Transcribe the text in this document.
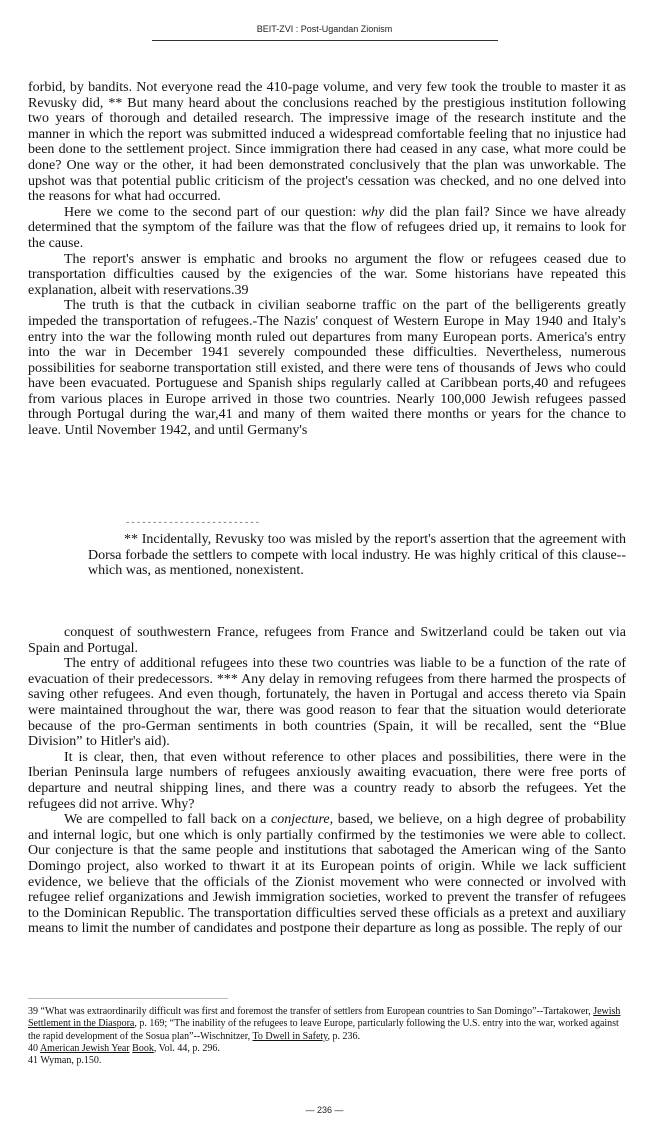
BEIT-ZVI : Post-Ugandan Zionism

forbid, by bandits. Not everyone read the 410-page volume, and very few took the trouble to master it as Revusky did, ** But many heard about the conclusions reached by the prestigious institution following two years of thorough and detailed research. The impressive image of the research institute and the manner in which the report was submitted induced a widespread comfortable feeling that no injustice had been done to the settlement project. Since immigration there had ceased in any case, what more could be done? One way or the other, it had been demonstrated conclusively that the plan was unworkable. The upshot was that potential public criticism of the project's cessation was checked, and no one delved into the reasons for what had occurred.

Here we come to the second part of our question: why did the plan fail? Since we have already determined that the symptom of the failure was that the flow of refugees dried up, it remains to look for the cause.

The report's answer is emphatic and brooks no argument the flow or refugees ceased due to transportation difficulties caused by the exigencies of the war. Some historians have repeated this explanation, albeit with reservations.39

The truth is that the cutback in civilian seaborne traffic on the part of the belligerents greatly impeded the transportation of refugees.-The Nazis' conquest of Western Europe in May 1940 and Italy's entry into the war the following month ruled out departures from many European ports. America's entry into the war in December 1941 severely compounded these difficulties. Nevertheless, numerous possibilities for seaborne transportation still existed, and there were tens of thousands of Jews who could have been evacuated. Portuguese and Spanish ships regularly called at Caribbean ports,40 and refugees from various places in Europe arrived in those two countries. Nearly 100,000 Jewish refugees passed through Portugal during the war,41 and many of them waited there months or years for the chance to leave. Until November 1942, and until Germany's

-------------------------

** Incidentally, Revusky too was misled by the report's assertion that the agreement with Dorsa forbade the settlers to compete with local industry. He was highly critical of this clause--which was, as mentioned, nonexistent.

conquest of southwestern France, refugees from France and Switzerland could be taken out via Spain and Portugal.

The entry of additional refugees into these two countries was liable to be a function of the rate of evacuation of their predecessors. *** Any delay in removing refugees from there harmed the prospects of saving other refugees. And even though, fortunately, the haven in Portugal and access thereto via Spain were maintained throughout the war, there was good reason to fear that the situation would deteriorate because of the pro-German sentiments in both countries (Spain, it will be recalled, sent the “Blue Division” to Hitler's aid).

It is clear, then, that even without reference to other places and possibilities, there were in the Iberian Peninsula large numbers of refugees anxiously awaiting evacuation, there were free ports of departure and neutral shipping lines, and there was a country ready to absorb the refugees. Yet the refugees did not arrive. Why?

We are compelled to fall back on a conjecture, based, we believe, on a high degree of probability and internal logic, but one which is only partially confirmed by the testimonies we were able to collect. Our conjecture is that the same people and institutions that sabotaged the American wing of the Santo Domingo project, also worked to thwart it at its European points of origin. While we lack sufficient evidence, we believe that the officials of the Zionist movement who were connected or involved with refugee relief organizations and Jewish immigration societies, worked to prevent the transfer of refugees to the Dominican Republic. The transportation difficulties served these officials as a pretext and auxiliary means to limit the number of candidates and postpone their departure as long as possible. The reply of our

39 “What was extraordinarily difficult was first and foremost the transfer of settlers from European countries to San Domingo”--Tartakower, Jewish Settlement in the Diaspora, p. 169; “The inability of the refugees to leave Europe, particularly following the U.S. entry into the war, worked against the rapid development of the Sosua plan”--Wischnitzer, To Dwell in Safety, p. 236.

40 American Jewish Year Book, Vol. 44, p. 296.

41 Wyman, p.150.

— 236 —
